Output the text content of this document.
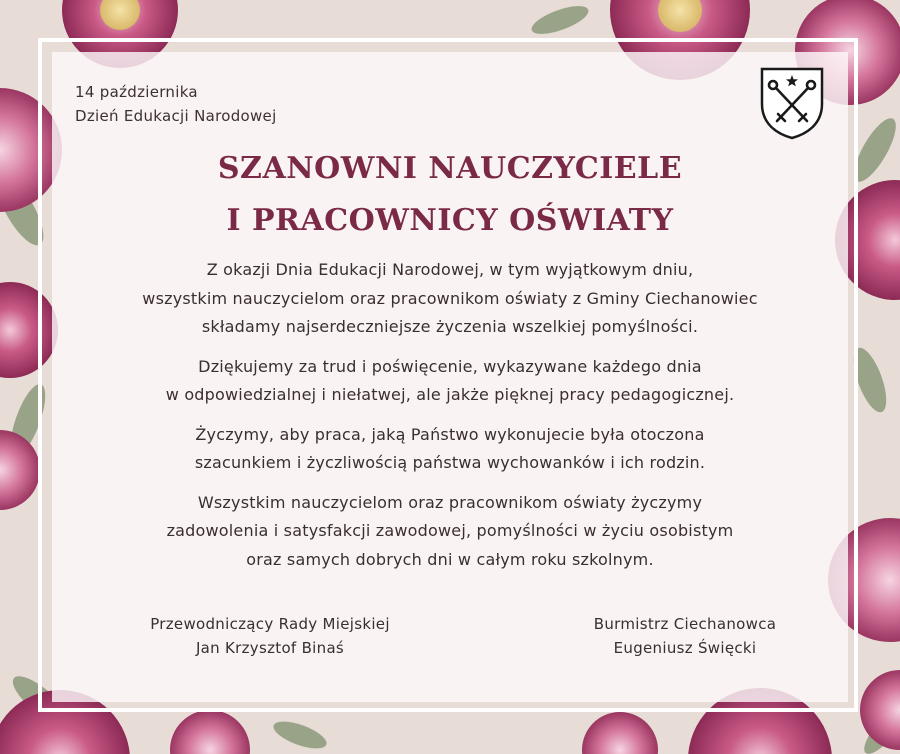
14 października
Dzień Edukacji Narodowej
SZANOWNI NAUCZYCIELE
I PRACOWNICY OŚWIATY
Z okazji Dnia Edukacji Narodowej, w tym wyjątkowym dniu,
wszystkim nauczycielom oraz pracownikom oświaty z Gminy Ciechanowiec
składamy najserdeczniejsze życzenia wszelkiej pomyślności.
Dziękujemy za trud i poświęcenie, wykazywane każdego dnia
w odpowiedzialnej i niełatwej, ale jakże pięknej pracy pedagogicznej.
Życzymy, aby praca, jaką Państwo wykonujecie była otoczona
szacunkiem i życzliwością państwa wychowanków i ich rodzin.
Wszystkim nauczycielom oraz pracownikom oświaty życzymy
zadowolenia i satysfakcji zawodowej, pomyślności w życiu osobistym
oraz samych dobrych dni w całym roku szkolnym.
Przewodniczący Rady Miejskiej
Jan Krzysztof Binaś
Burmistrz Ciechanowca
Eugeniusz Święcki
